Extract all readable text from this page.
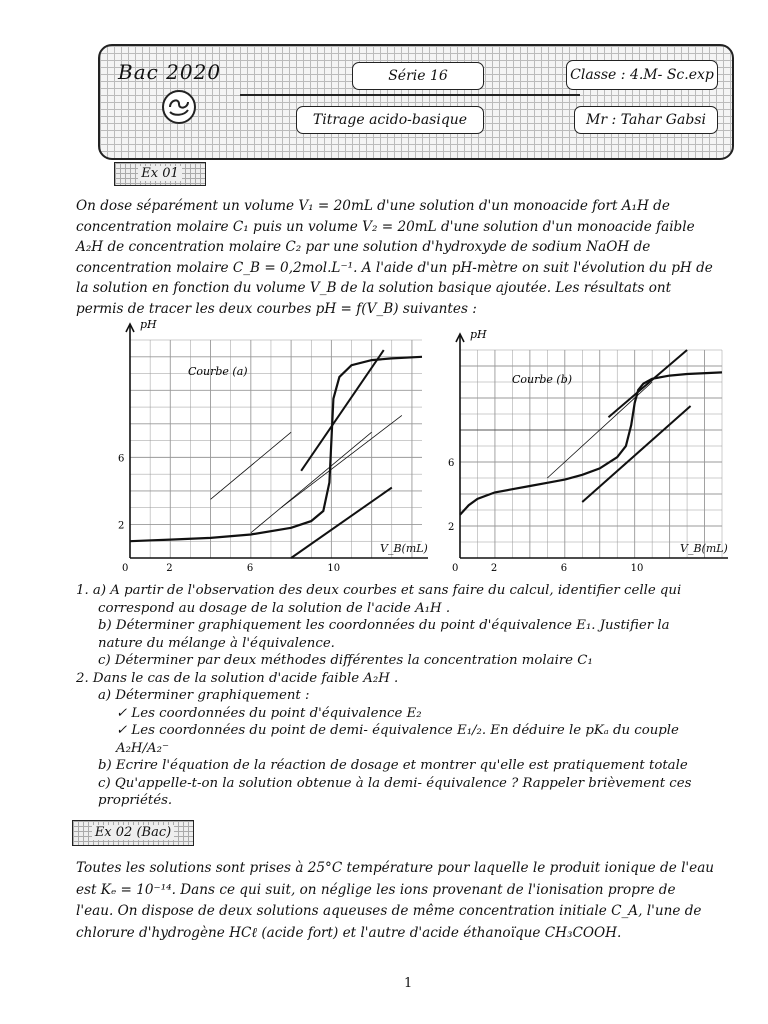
Bac 2020	Série 16
Titrage acido-basique
Classe : 4.M- Sc.exp
Mr : Tahar Gabsi
Ex 01
On dose séparément un volume V₁ = 20mL d'une solution d'un monoacide fort A₁H de
concentration molaire C₁ puis un volume V₂ = 20mL d'une solution d'un monoacide faible
A₂H de concentration molaire C₂ par une solution d'hydroxyde de sodium NaOH de
concentration molaire C_B = 0,2mol.L⁻¹. A l'aide d'un pH-mètre on suit l'évolution du pH de
la solution en fonction du volume V_B de la solution basique ajoutée. Les résultats ont
permis de tracer les deux courbes pH = f(V_B) suivantes :
0	2	6	10
2
6
pH
V_B(mL)
Courbe (a)
0	2	6	10
2
6
pH
V_B(mL)
Courbe (b)
1. a) A partir de l'observation des deux courbes et sans faire du calcul, identifier celle qui
correspond au dosage de la solution de l'acide A₁H .
b) Déterminer graphiquement les coordonnées du point d'équivalence E₁. Justifier la
nature du mélange à l'équivalence.
c) Déterminer par deux méthodes différentes la concentration molaire C₁
2. Dans le cas de la solution d'acide faible A₂H .
a) Déterminer graphiquement :
✓ Les coordonnées du point d'équivalence E₂
✓ Les coordonnées du point de demi- équivalence E₁/₂. En déduire le pKₐ du couple
A₂H/A₂⁻
b) Ecrire l'équation de la réaction de dosage et montrer qu'elle est pratiquement totale
c) Qu'appelle-t-on la solution obtenue à la demi- équivalence ? Rappeler brièvement ces
propriétés.
Ex 02 (Bac)
Toutes les solutions sont prises à 25°C température pour laquelle le produit ionique de l'eau
est Kₑ = 10⁻¹⁴. Dans ce qui suit, on néglige les ions provenant de l'ionisation propre de
l'eau. On dispose de deux solutions aqueuses de même concentration initiale C_A, l'une de
chlorure d'hydrogène HCℓ (acide fort) et l'autre d'acide éthanoïque CH₃COOH.
1
